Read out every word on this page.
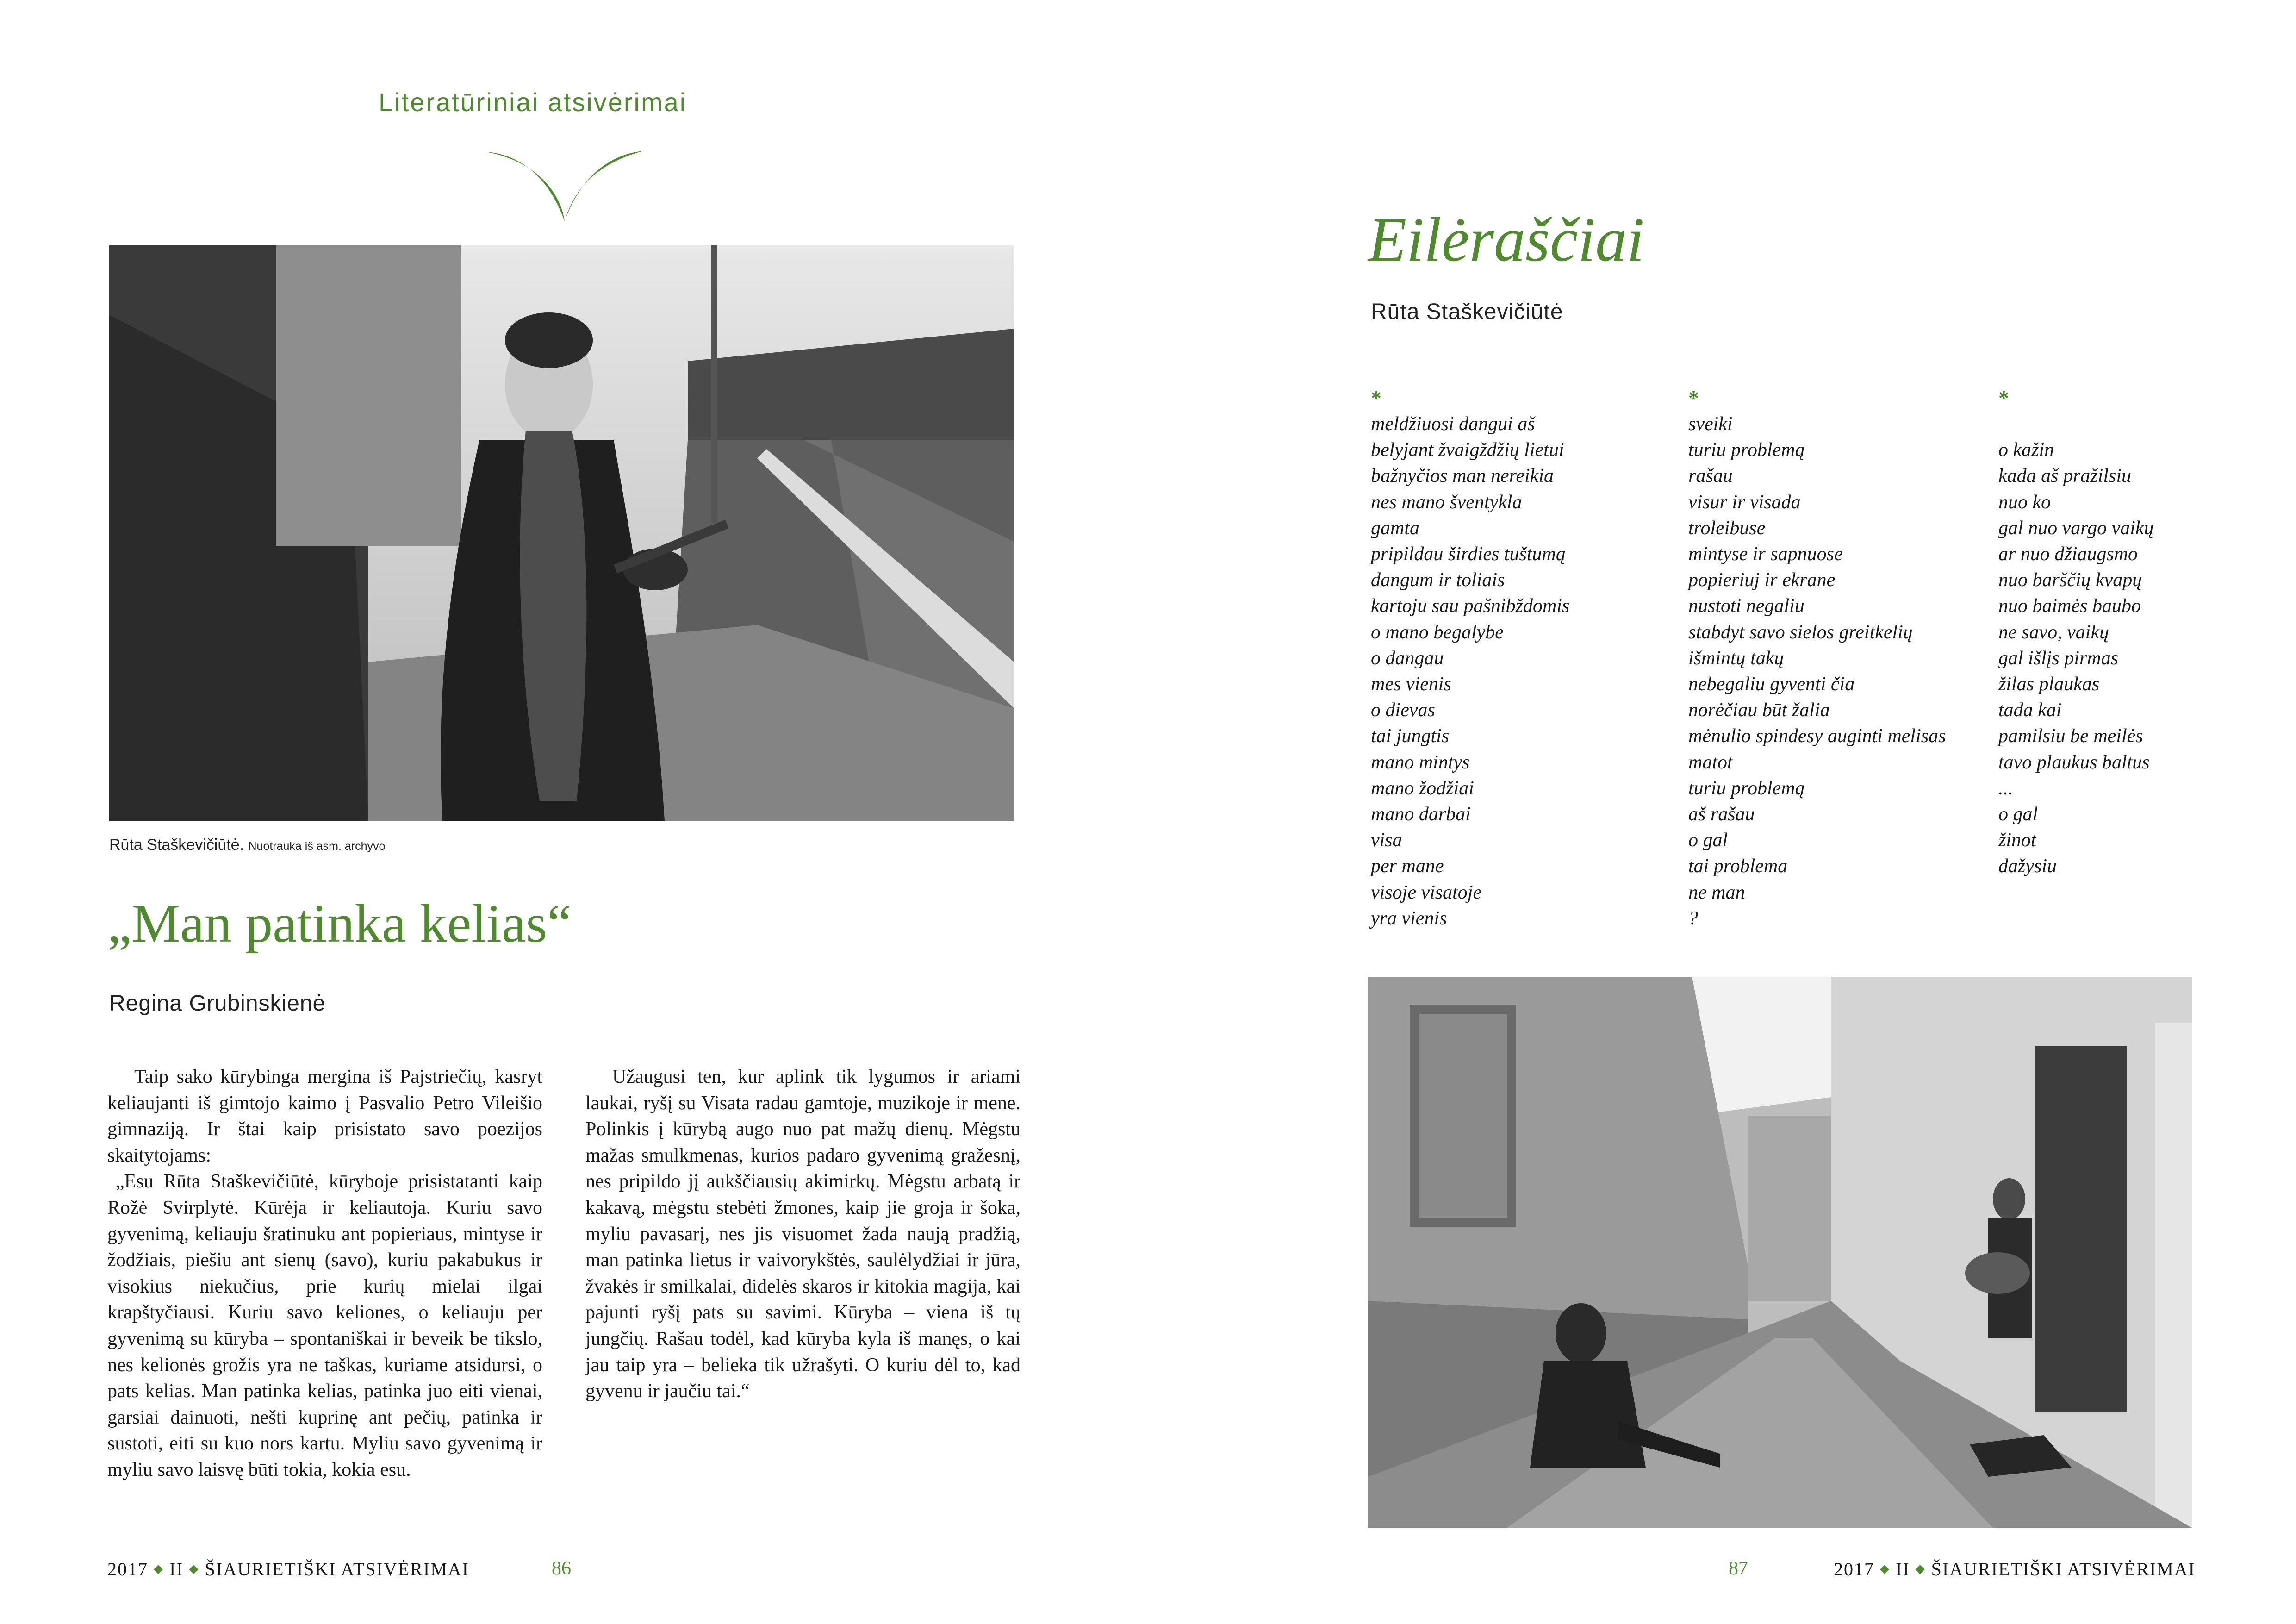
Literatūriniai atsivėrimai
Rūta Staškevičiūtė. Nuotrauka iš asm. archyvo
„Man patinka kelias“
Regina Grubinskienė

Taip sako kūrybinga mergina iš Pajstriečių, kasryt keliaujanti iš gimtojo kaimo į Pasvalio Petro Vileišio gimnaziją. Ir štai kaip prisistato savo poezijos skaitytojams:

„Esu Rūta Staškevičiūtė, kūryboje prisistatanti kaip Rožė Svirplytė. Kūrėja ir keliautoja. Kuriu savo gyvenimą, keliauju šratinuku ant popieriaus, mintyse ir žodžiais, piešiu ant sienų (savo), kuriu pakabukus ir visokius niekučius, prie kurių mielai ilgai krapštyčiausi. Kuriu savo keliones, o keliauju per gyvenimą su kūryba – spontaniškai ir beveik be tikslo, nes kelionės grožis yra ne taškas, kuriame atsidursi, o pats kelias. Man patinka kelias, patinka juo eiti vienai, garsiai dainuoti, nešti kuprinę ant pečių, patinka ir sustoti, eiti su kuo nors kartu. Myliu savo gyvenimą ir myliu savo laisvę būti tokia, kokia esu.

Užaugusi ten, kur aplink tik lygumos ir ariami laukai, ryšį su Visata radau gamtoje, muzikoje ir mene. Polinkis į kūrybą augo nuo pat mažų dienų. Mėgstu mažas smulkmenas, kurios padaro gyvenimą gražesnį, nes pripildo jį aukščiausių akimirkų. Mėgstu arbatą ir kakavą, mėgstu stebėti žmones, kaip jie groja ir šoka, myliu pavasarį, nes jis visuomet žada naują pradžią, man patinka lietus ir vaivorykštės, saulėlydžiai ir jūra, žvakės ir smilkalai, didelės skaros ir kitokia magija, kai pajunti ryšį pats su savimi. Kūryba – viena iš tų jungčių. Rašau todėl, kad kūryba kyla iš manęs, o kai jau taip yra – belieka tik užrašyti. O kuriu dėl to, kad gyvenu ir jaučiu tai.“

2017 ◆ II ◆ ŠIAURIETIŠKI ATSIVĖRIMAI	86
Eilėraščiai
Rūta Staškevičiūtė
*
meldžiuosi dangui aš
belyjant žvaigždžių lietui
bažnyčios man nereikia
nes mano šventykla
gamta
pripildau širdies tuštumą
dangum ir toliais
kartoju sau pašnibždomis
o mano begalybe
o dangau
mes vienis
o dievas
tai jungtis
mano mintys
mano žodžiai
mano darbai
visa
per mane
visoje visatoje
yra vienis
*
sveiki
turiu problemą
rašau
visur ir visada
troleibuse
mintyse ir sapnuose
popieriuj ir ekrane
nustoti negaliu
stabdyt savo sielos greitkelių
išmintų takų
nebegaliu gyventi čia
norėčiau būt žalia
mėnulio spindesy auginti melisas
matot
turiu problemą
aš rašau
o gal
tai problema
ne man
?
*

o kažin
kada aš pražilsiu
nuo ko
gal nuo vargo vaikų
ar nuo džiaugsmo
nuo barščių kvapų
nuo baimės baubo
ne savo, vaikų
gal išlįs pirmas
žilas plaukas
tada kai
pamilsiu be meilės
tavo plaukus baltus
...
o gal
žinot
dažysiu
87	2017 ◆ II ◆ ŠIAURIETIŠKI ATSIVĖRIMAI
